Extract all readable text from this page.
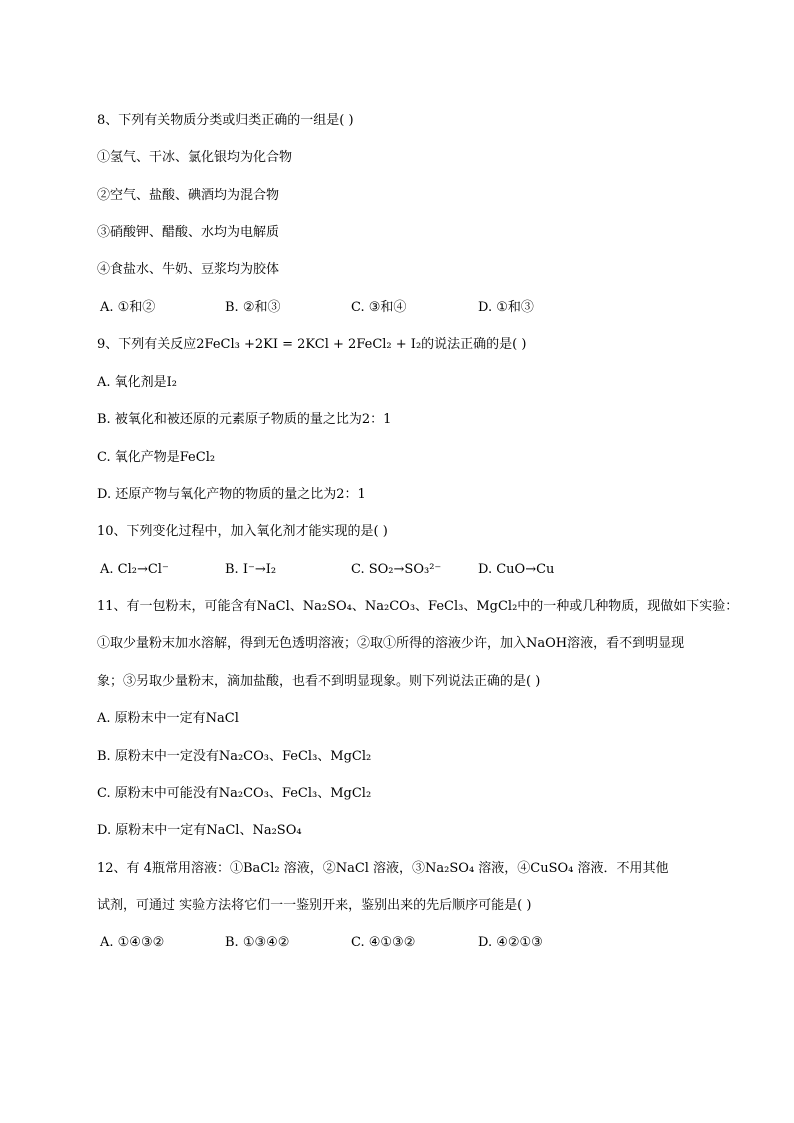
8、下列有关物质分类或归类正确的一组是( )
①氢气、干冰、氯化银均为化合物
②空气、盐酸、碘酒均为混合物
③硝酸钾、醋酸、水均为电解质
④食盐水、牛奶、豆浆均为胶体
A. ①和②	B. ②和③	C. ③和④	D. ①和③
9、下列有关反应2FeCl₃ +2KI = 2KCl + 2FeCl₂ + I₂的说法正确的是( )
A. 氧化剂是I₂
B. 被氧化和被还原的元素原子物质的量之比为2：1
C. 氧化产物是FeCl₂
D. 还原产物与氧化产物的物质的量之比为2：1
10、下列变化过程中，加入氧化剂才能实现的是( )
A. Cl₂→Cl⁻	B. I⁻→I₂	C. SO₂→SO₃²⁻	D. CuO→Cu
11、有一包粉末，可能含有NaCl、Na₂SO₄、Na₂CO₃、FeCl₃、MgCl₂中的一种或几种物质，现做如下实验：
①取少量粉末加水溶解，得到无色透明溶液；②取①所得的溶液少许，加入NaOH溶液，看不到明显现
象；③另取少量粉末，滴加盐酸，也看不到明显现象。则下列说法正确的是( )
A. 原粉末中一定有NaCl
B. 原粉末中一定没有Na₂CO₃、FeCl₃、MgCl₂
C. 原粉末中可能没有Na₂CO₃、FeCl₃、MgCl₂
D. 原粉末中一定有NaCl、Na₂SO₄
12、有 4瓶常用溶液：①BaCl₂ 溶液，②NaCl 溶液，③Na₂SO₄ 溶液，④CuSO₄ 溶液．不用其他
试剂，可通过 实验方法将它们一一鉴别开来，鉴别出来的先后顺序可能是( )
A. ①④③②	B. ①③④②	C. ④①③②	D. ④②①③
